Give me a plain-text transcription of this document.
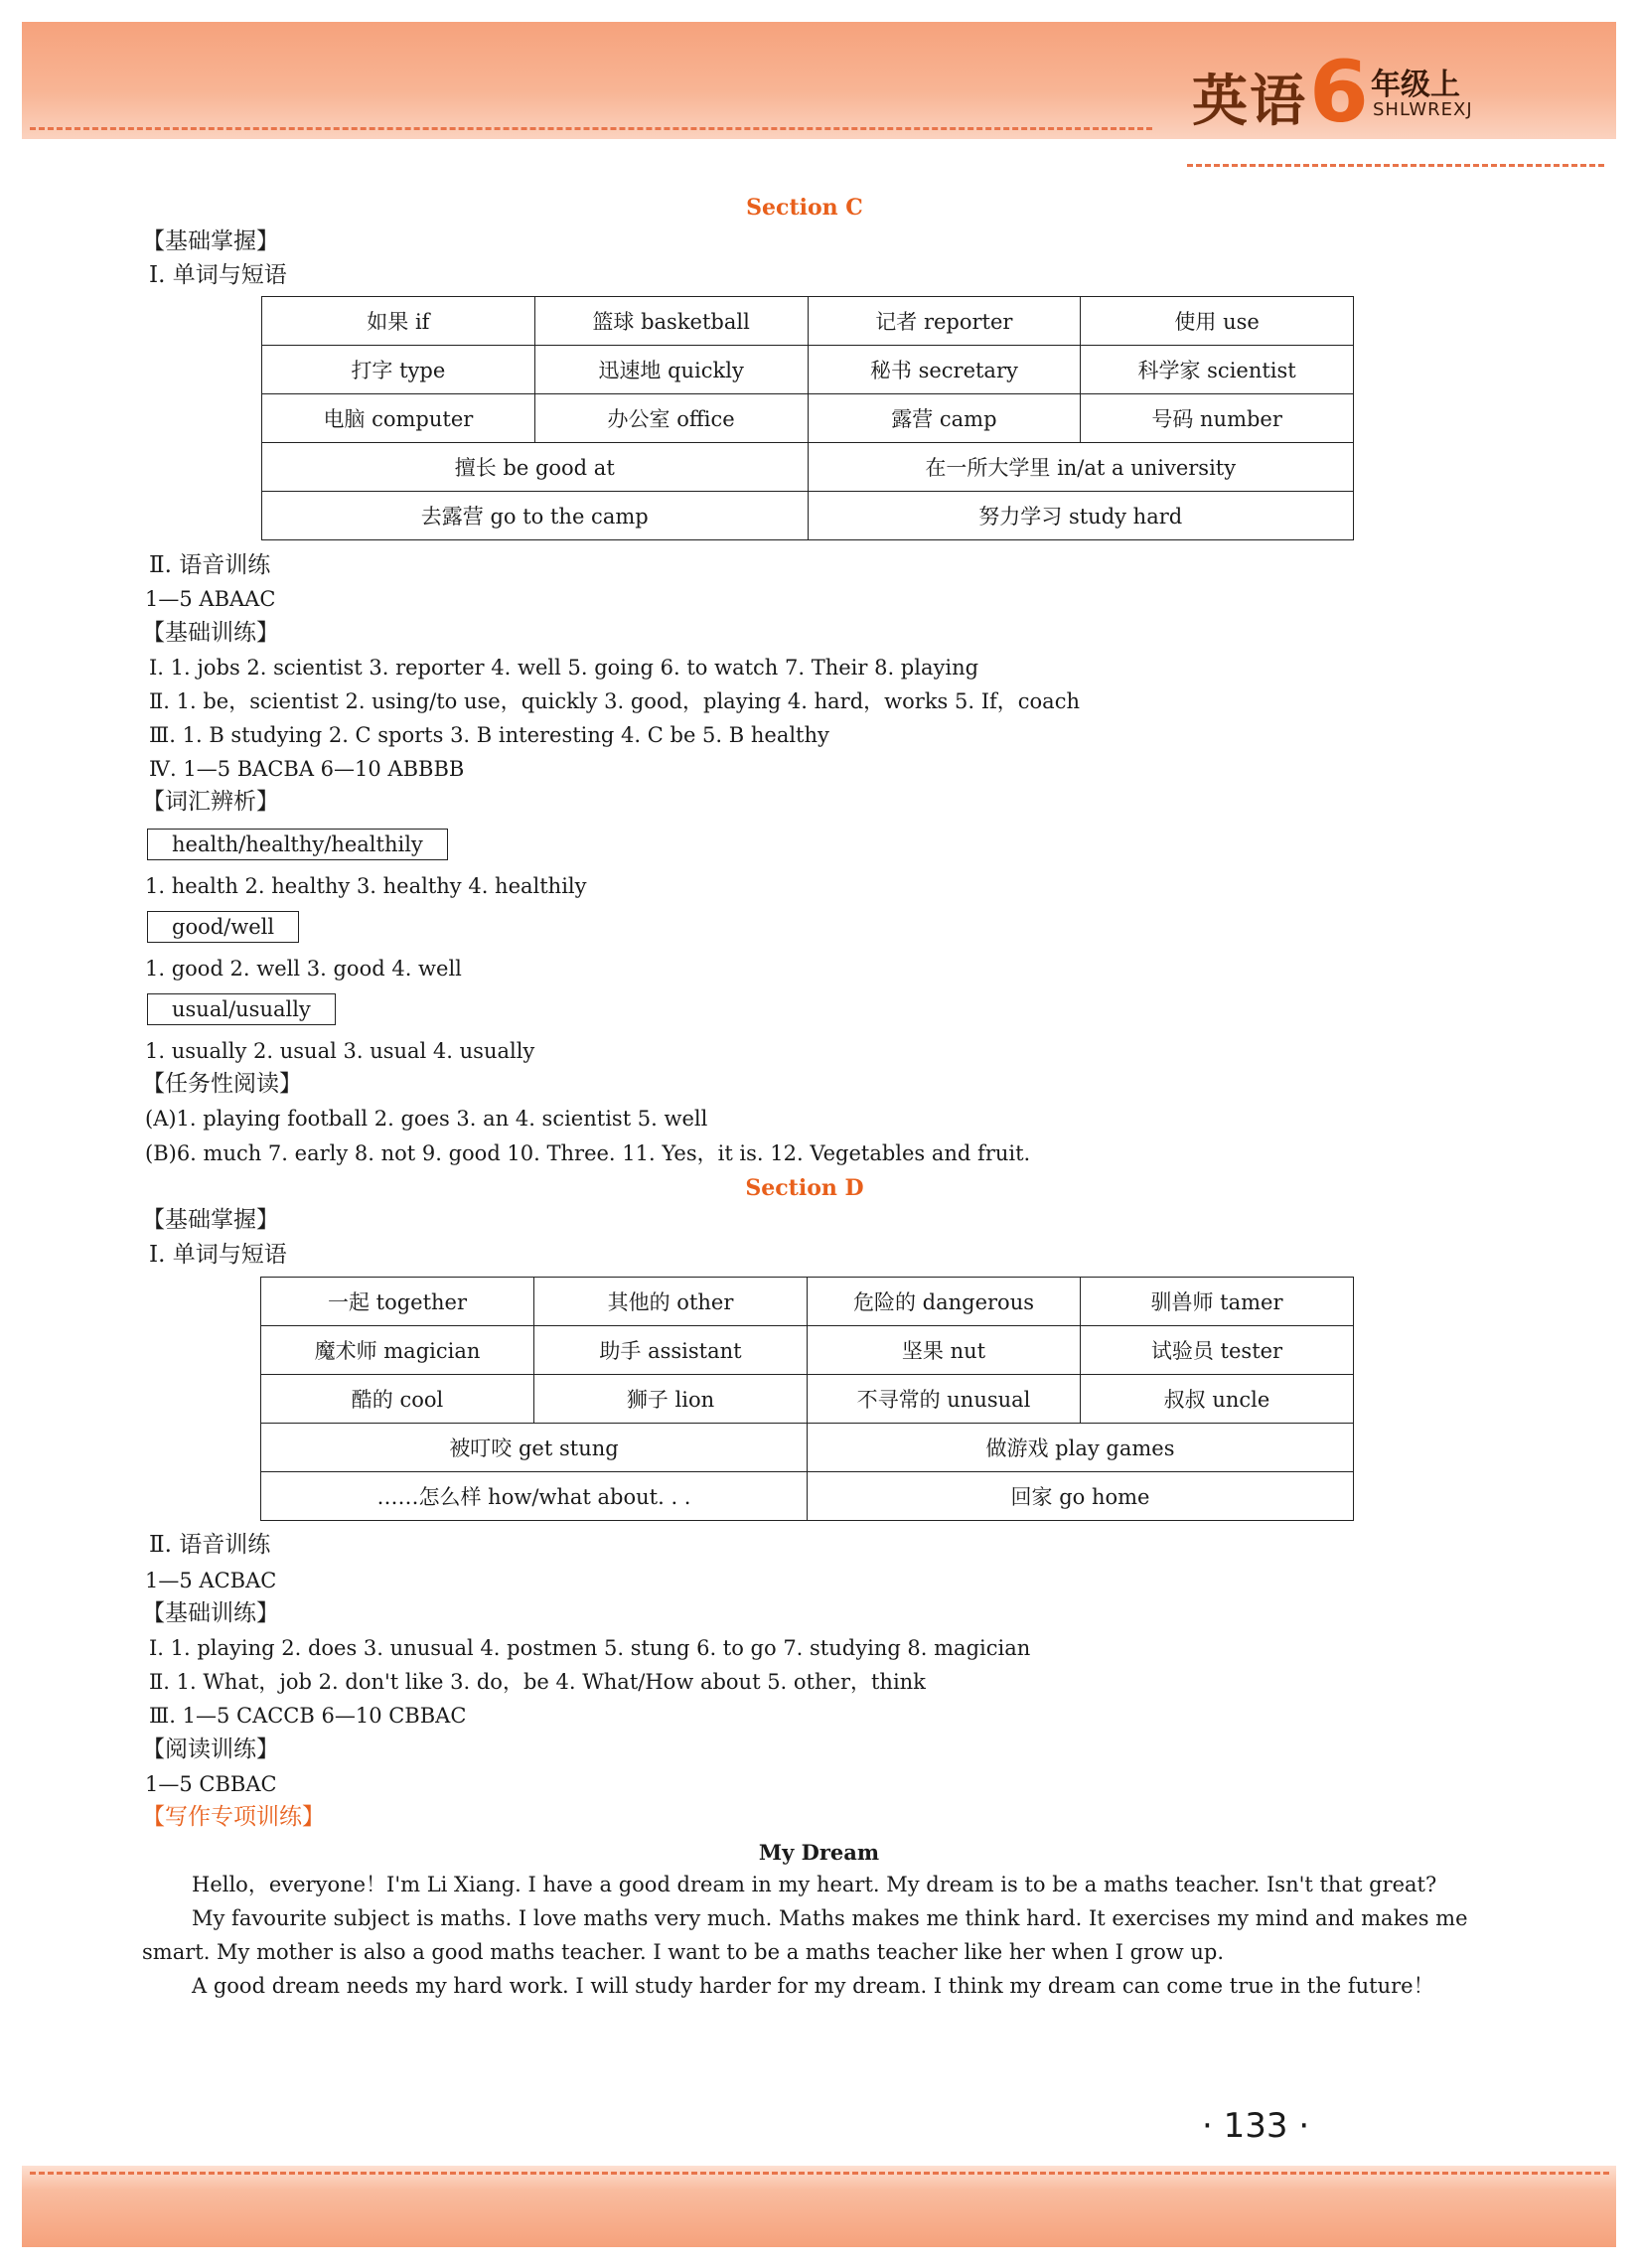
英语 6 年级上
SHLWREXJ
Section C
【基础掌握】
Ⅰ. 单词与短语
如果 if	篮球 basketball	记者 reporter	使用 use
打字 type	迅速地 quickly	秘书 secretary	科学家 scientist
电脑 computer	办公室 office	露营 camp	号码 number
擅长 be good at		在一所大学里 in/at a university	
去露营 go to the camp		努力学习 study hard	
Ⅱ. 语音训练
1—5 ABAAC
【基础训练】
Ⅰ. 1. jobs 2. scientist 3. reporter 4. well 5. going 6. to watch 7. Their 8. playing
Ⅱ. 1. be，scientist 2. using/to use，quickly 3. good，playing 4. hard，works 5. If，coach
Ⅲ. 1. B studying 2. C sports 3. B interesting 4. C be 5. B healthy
Ⅳ. 1—5 BACBA 6—10 ABBBB
【词汇辨析】
health/healthy/healthily
1. health 2. healthy 3. healthy 4. healthily
good/well
1. good 2. well 3. good 4. well
usual/usually
1. usually 2. usual 3. usual 4. usually
【任务性阅读】
(A)1. playing football 2. goes 3. an 4. scientist 5. well
(B)6. much 7. early 8. not 9. good 10. Three. 11. Yes，it is. 12. Vegetables and fruit.
Section D
【基础掌握】
Ⅰ. 单词与短语
一起 together	其他的 other	危险的 dangerous	驯兽师 tamer
魔术师 magician	助手 assistant	坚果 nut	试验员 tester
酷的 cool	狮子 lion	不寻常的 unusual	叔叔 uncle
被叮咬 get stung		做游戏 play games	
……怎么样 how/what about. . .		回家 go home	
Ⅱ. 语音训练
1—5 ACBAC
【基础训练】
Ⅰ. 1. playing 2. does 3. unusual 4. postmen 5. stung 6. to go 7. studying 8. magician
Ⅱ. 1. What，job 2. don't like 3. do，be 4. What/How about 5. other，think
Ⅲ. 1—5 CACCB 6—10 CBBAC
【阅读训练】
1—5 CBBAC
【写作专项训练】
My Dream
Hello，everyone！I'm Li Xiang. I have a good dream in my heart. My dream is to be a maths teacher. Isn't that great?
My favourite subject is maths. I love maths very much. Maths makes me think hard. It exercises my mind and makes me smart. My mother is also a good maths teacher. I want to be a maths teacher like her when I grow up.
A good dream needs my hard work. I will study harder for my dream. I think my dream can come true in the future！
· 133 ·
